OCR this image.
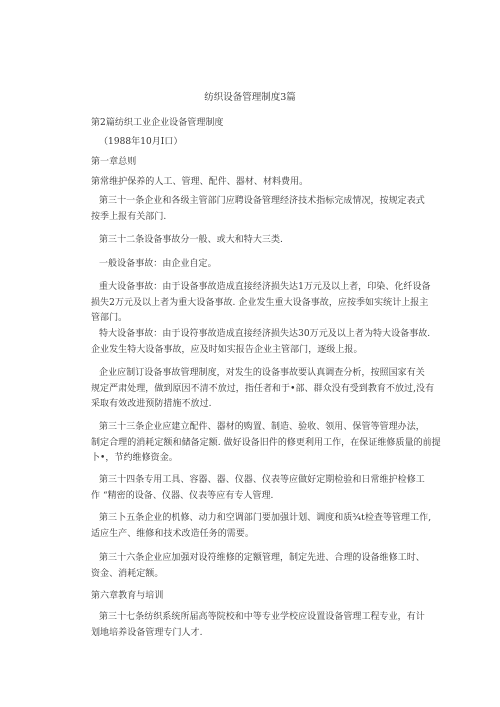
纺织设备管理制度3篇
第2篇纺织工业企业设备管理制度
（1988年10月I口）
第一章总则
第常维护保养的人工、管理、配件、器材、材料费用。
第三十一条企业和各级主管部门应聘设备管理经济技术指标完成情况，按规定表式
按季上报有关部门.
第三十二条设备事故分一般、或大和特大三类.
一般设备事故：由企业自定。
重大设备事故：由于设备事故造成直接经济损失达1万元及以上者，印染、化纤设备
损失2万元及以上者为重大设备事故. 企业发生重大设备事故，应按季如实统计上报主
管部门。
特大设备事故：由于设符事故造成直接经济损失达30万元及以上者为特大设备事故.
企业发生特大设备事故，应及时如实报告企业主管部门，逐级上报。
企业应制订设备事故管理制度，对发生的设备事故要认真调查分析，按照国家有关
规定严肃处理，做到原因不清不放过，指任者和于•部、群众没有受到教育不放过,没有
采取有效改进预防措施不放过.
第三十三条企业应建立配件、器材的购置、制造、验收、领用、保管等管理办法，
制定合理的消耗定额和储备定额. 做好设备旧件的修更利用工作，在保证维修质量的前提
卜•，节约维修资金。
第三十四条专用工具、容器、器、仪器、仪表等应做好定期检验和日常维护检修工
作 “精密的设备、仪器、仪表等应有专人管理.
第三卜五条企业的机修、动力和空调部门要加强计划、调度和质¾t检查等管理工作,
适应生产、维修和技术改造任务的需要。
第三十六条企业应加强对设符维修的定额管理，制定先进、合理的设备维修工时、
资金、消耗定额。
第六章教育与培训
第三十七条纺织系统所届高等院校和中等专业学校应设置设备管理工程专业，有计
划地培养设备管理专门人才.
